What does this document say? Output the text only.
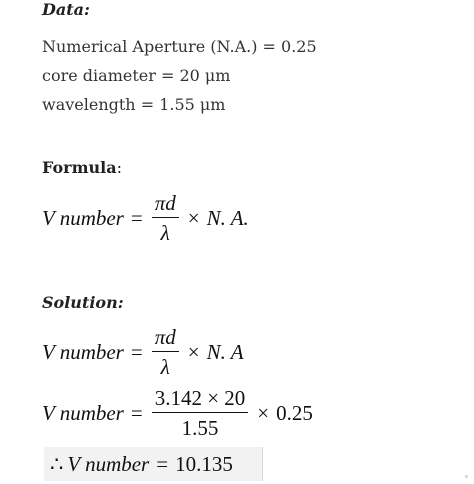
Data:
Numerical Aperture (N.A.) = 0.25
core diameter = 20 μm
wavelength = 1.55 μm
Formula:
V number = $\frac{\pi d}{\lambda} \times N$. A.
Solution:
V number = $\frac{\pi d}{\lambda} \times N$. A
V number = $\frac{3.142 \times 20}{1.55} \times 0.25$
∴ V number = 10.135
